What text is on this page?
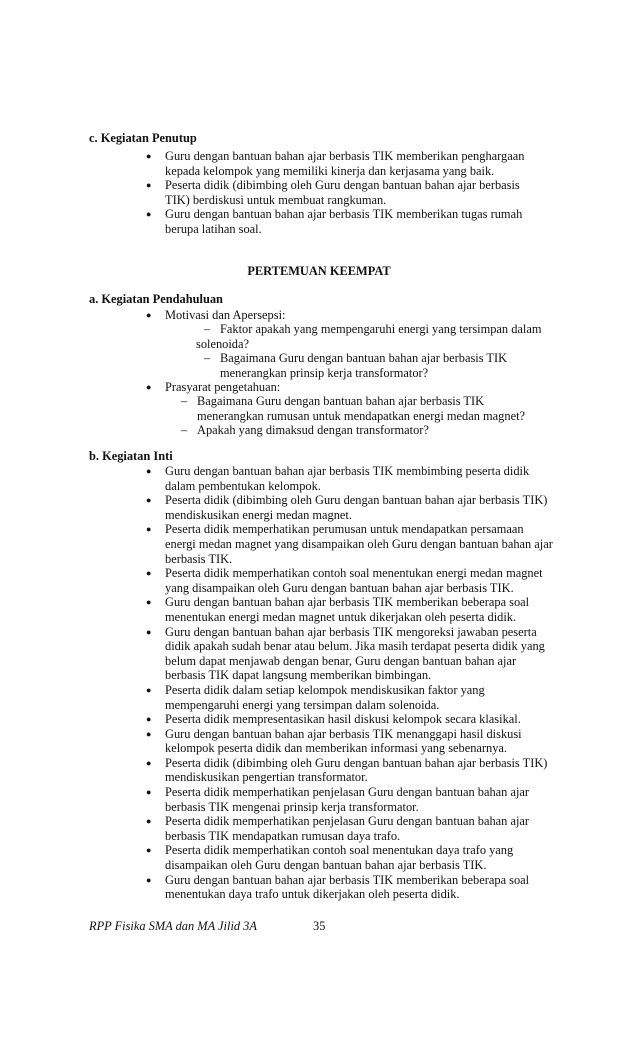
c. Kegiatan Penutup
● Guru dengan bantuan bahan ajar berbasis TIK memberikan penghargaan kepada kelompok yang memiliki kinerja dan kerjasama yang baik.
● Peserta didik (dibimbing oleh Guru dengan bantuan bahan ajar berbasis TIK) berdiskusi untuk membuat rangkuman.
● Guru dengan bantuan bahan ajar berbasis TIK memberikan tugas rumah berupa latihan soal.
PERTEMUAN KEEMPAT
a. Kegiatan Pendahuluan
● Motivasi dan Apersepsi:
– Faktor apakah yang mempengaruhi energi yang tersimpan dalam
solenoida?
– Bagaimana Guru dengan bantuan bahan ajar berbasis TIK menerangkan prinsip kerja transformator?
● Prasyarat pengetahuan:
– Bagaimana Guru dengan bantuan bahan ajar berbasis TIK menerangkan rumusan untuk mendapatkan energi medan magnet?
– Apakah yang dimaksud dengan transformator?
b. Kegiatan Inti
● Guru dengan bantuan bahan ajar berbasis TIK membimbing peserta didik dalam pembentukan kelompok.
● Peserta didik (dibimbing oleh Guru dengan bantuan bahan ajar berbasis TIK) mendiskusikan energi medan magnet.
● Peserta didik memperhatikan perumusan untuk mendapatkan persamaan energi medan magnet yang disampaikan oleh Guru dengan bantuan bahan ajar berbasis TIK.
● Peserta didik memperhatikan contoh soal menentukan energi medan magnet yang disampaikan oleh Guru dengan bantuan bahan ajar berbasis TIK.
● Guru dengan bantuan bahan ajar berbasis TIK memberikan beberapa soal menentukan energi medan magnet untuk dikerjakan oleh peserta didik.
● Guru dengan bantuan bahan ajar berbasis TIK mengoreksi jawaban peserta didik apakah sudah benar atau belum. Jika masih terdapat peserta didik yang belum dapat menjawab dengan benar, Guru dengan bantuan bahan ajar berbasis TIK dapat langsung memberikan bimbingan.
● Peserta didik dalam setiap kelompok mendiskusikan faktor yang mempengaruhi energi yang tersimpan dalam solenoida.
● Peserta didik mempresentasikan hasil diskusi kelompok secara klasikal.
● Guru dengan bantuan bahan ajar berbasis TIK menanggapi hasil diskusi kelompok peserta didik dan memberikan informasi yang sebenarnya.
● Peserta didik (dibimbing oleh Guru dengan bantuan bahan ajar berbasis TIK) mendiskusikan pengertian transformator.
● Peserta didik memperhatikan penjelasan Guru dengan bantuan bahan ajar berbasis TIK mengenai prinsip kerja transformator.
● Peserta didik memperhatikan penjelasan Guru dengan bantuan bahan ajar berbasis TIK mendapatkan rumusan daya trafo.
● Peserta didik memperhatikan contoh soal menentukan daya trafo yang disampaikan oleh Guru dengan bantuan bahan ajar berbasis TIK.
● Guru dengan bantuan bahan ajar berbasis TIK memberikan beberapa soal menentukan daya trafo untuk dikerjakan oleh peserta didik.
RPP Fisika SMA dan MA Jilid 3A	35
